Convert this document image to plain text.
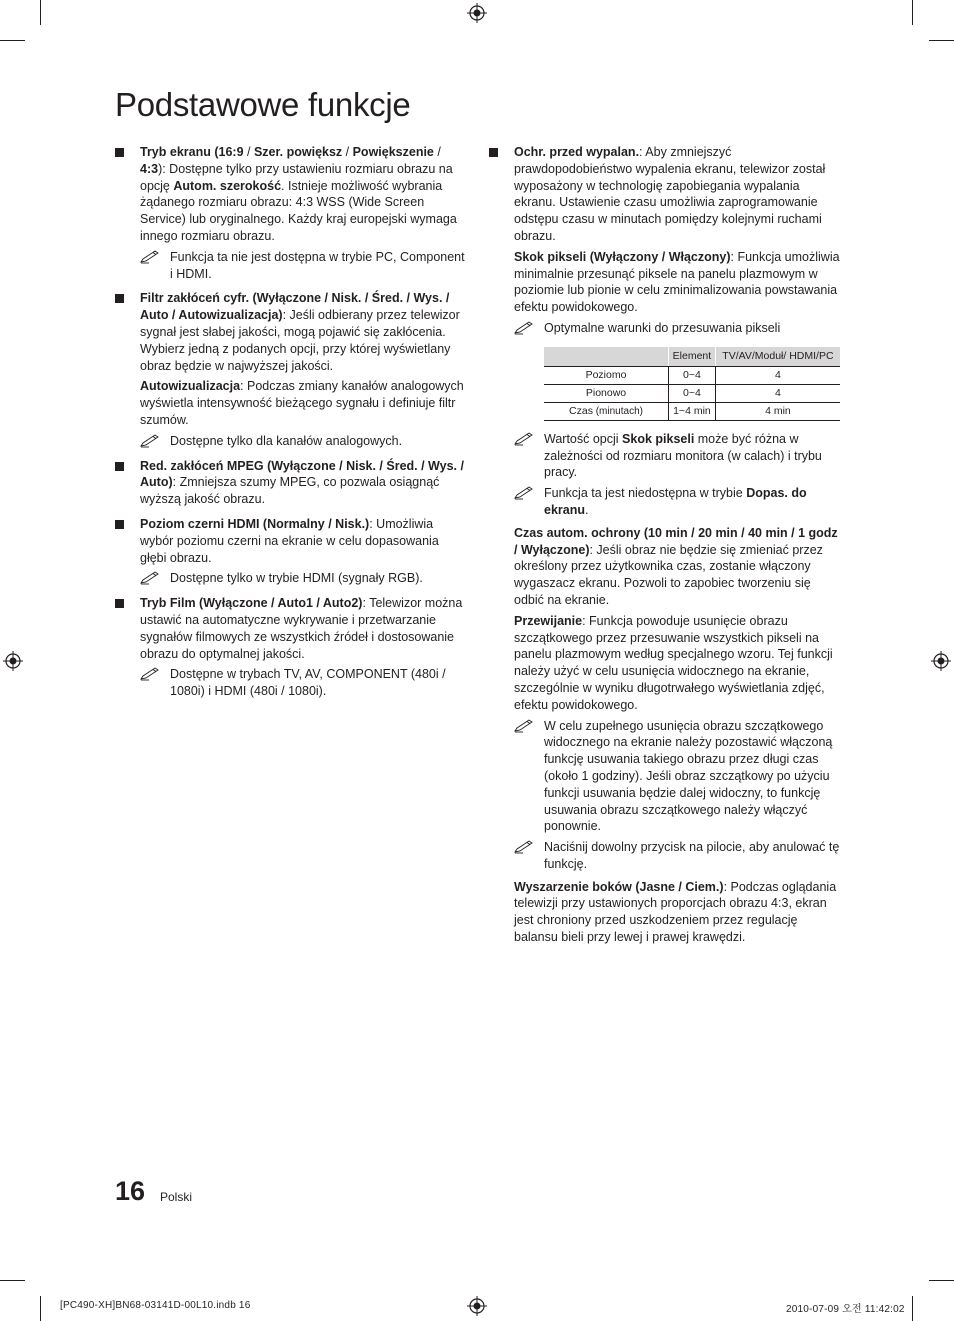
Podstawowe funkcje

Tryb ekranu (16:9 / Szer. powiększ / Powiększenie / 4:3): Dostępne tylko przy ustawieniu rozmiaru obrazu na opcję Autom. szerokość. Istnieje możliwość wybrania żądanego rozmiaru obrazu: 4:3 WSS (Wide Screen Service) lub oryginalnego. Każdy kraj europejski wymaga innego rozmiaru obrazu.

Funkcja ta nie jest dostępna w trybie PC, Component i HDMI.

Filtr zakłóceń cyfr. (Wyłączone / Nisk. / Śred. / Wys. / Auto / Autowizualizacja): Jeśli odbierany przez telewizor sygnał jest słabej jakości, mogą pojawić się zakłócenia. Wybierz jedną z podanych opcji, przy której wyświetlany obraz będzie w najwyższej jakości.

Autowizualizacja: Podczas zmiany kanałów analogowych wyświetla intensywność bieżącego sygnału i definiuje filtr szumów.

Dostępne tylko dla kanałów analogowych.

Red. zakłóceń MPEG (Wyłączone / Nisk. / Śred. / Wys. / Auto): Zmniejsza szumy MPEG, co pozwala osiągnąć wyższą jakość obrazu.

Poziom czerni HDMI (Normalny / Nisk.): Umożliwia wybór poziomu czerni na ekranie w celu dopasowania głębi obrazu.

Dostępne tylko w trybie HDMI (sygnały RGB).

Tryb Film (Wyłączone / Auto1 / Auto2): Telewizor można ustawić na automatyczne wykrywanie i przetwarzanie sygnałów filmowych ze wszystkich źródeł i dostosowanie obrazu do optymalnej jakości.

Dostępne w trybach TV, AV, COMPONENT (480i / 1080i) i HDMI (480i / 1080i).

Ochr. przed wypalan.: Aby zmniejszyć prawdopodobieństwo wypalenia ekranu, telewizor został wyposażony w technologię zapobiegania wypalania ekranu. Ustawienie czasu umożliwia zaprogramowanie odstępu czasu w minutach pomiędzy kolejnymi ruchami obrazu.

Skok pikseli (Wyłączony / Włączony): Funkcja umożliwia minimalnie przesunąć piksele na panelu plazmowym w poziomie lub pionie w celu zminimalizowania powstawania efektu powidokowego.

Optymalne warunki do przesuwania pikseli
	Element	TV/AV/Moduł/ HDMI/PC
Poziomo	0~4	4
Pionowo	0~4	4
Czas (minutach)	1~4 min	4 min
Wartość opcji Skok pikseli może być różna w zależności od rozmiaru monitora (w calach) i trybu pracy.
Funkcja ta jest niedostępna w trybie Dopas. do ekranu.

Czas autom. ochrony (10 min / 20 min / 40 min / 1 godz / Wyłączone): Jeśli obraz nie będzie się zmieniać przez określony przez użytkownika czas, zostanie włączony wygaszacz ekranu. Pozwoli to zapobiec tworzeniu się odbić na ekranie.

Przewijanie: Funkcja powoduje usunięcie obrazu szczątkowego przez przesuwanie wszystkich pikseli na panelu plazmowym według specjalnego wzoru. Tej funkcji należy użyć w celu usunięcia widocznego na ekranie, szczególnie w wyniku długotrwałego wyświetlania zdjęć, efektu powidokowego.

W celu zupełnego usunięcia obrazu szczątkowego widocznego na ekranie należy pozostawić włączoną funkcję usuwania takiego obrazu przez długi czas (około 1 godziny). Jeśli obraz szczątkowy po użyciu funkcji usuwania będzie dalej widoczny, to funkcję usuwania obrazu szczątkowego należy włączyć ponownie.
Naciśnij dowolny przycisk na pilocie, aby anulować tę funkcję.

Wyszarzenie boków (Jasne / Ciem.): Podczas oglądania telewizji przy ustawionych proporcjach obrazu 4:3, ekran jest chroniony przed uszkodzeniem przez regulację balansu bieli przy lewej i prawej krawędzi.

16 Polski
[PC490-XH]BN68-03141D-00L10.indb 16	2010-07-09 오전 11:42:02
